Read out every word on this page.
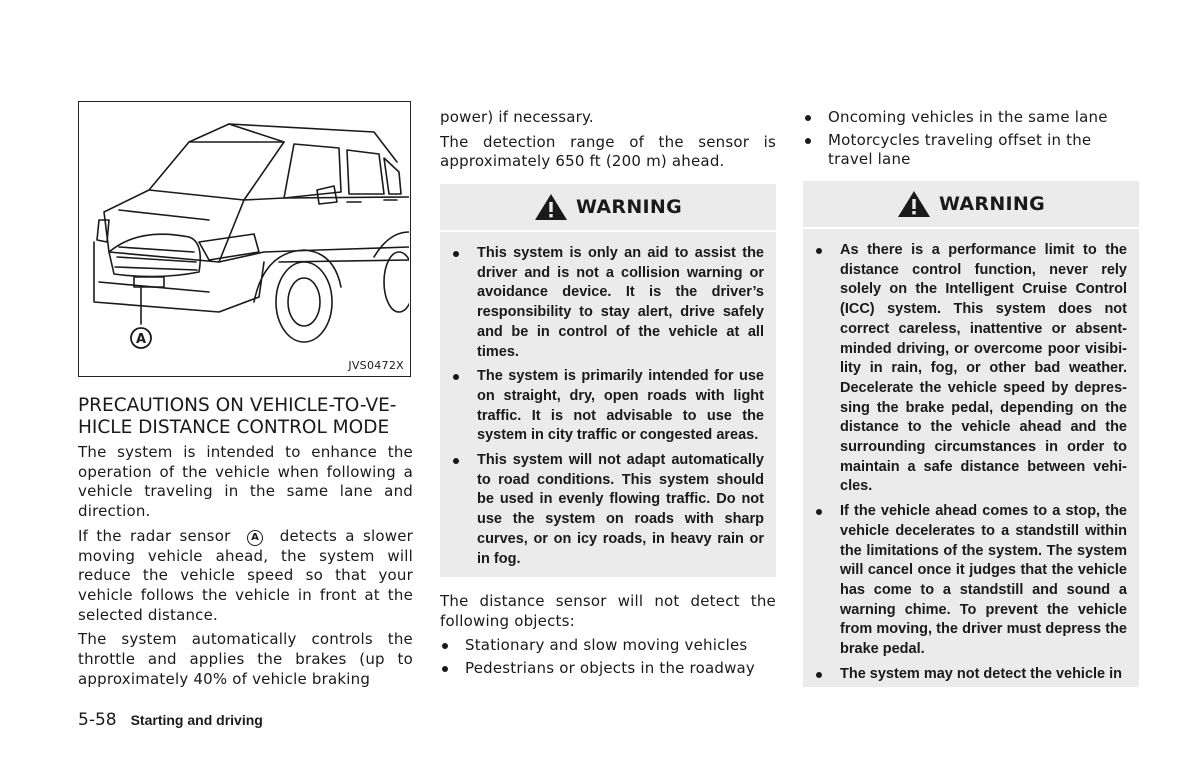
A
JVS0472X
PRECAUTIONS ON VEHICLE-TO-VE-HICLE DISTANCE CONTROL MODE

The system is intended to enhance the operation of the vehicle when following a vehicle traveling in the same lane and direction.

If the radar sensor A detects a slower moving vehicle ahead, the system will reduce the vehicle speed so that your vehicle follows the vehicle in front at the selected distance.

The system automatically controls the throttle and applies the brakes (up to approximately 40% of vehicle braking

power) if necessary.

The detection range of the sensor is approximately 650 ft (200 m) ahead.

WARNING
This system is only an aid to assist the driver and is not a collision warning or avoidance device. It is the driver’s responsibility to stay alert, drive safely and be in control of the vehicle at all times.
The system is primarily intended for use on straight, dry, open roads with light traffic. It is not advisable to use the system in city traffic or congested areas.
This system will not adapt automatically to road conditions. This system should be used in evenly flowing traffic. Do not use the system on roads with sharp curves, or on icy roads, in heavy rain or in fog.

The distance sensor will not detect the following objects:

Stationary and slow moving vehicles
Pedestrians or objects in the roadway
Oncoming vehicles in the same lane
Motorcycles traveling offset in the travel lane
WARNING
As there is a performance limit to the distance control function, never rely solely on the Intelligent Cruise Control (ICC) system. This system does not correct careless, inattentive or absent-minded driving, or overcome poor visibi-lity in rain, fog, or other bad weather. Decelerate the vehicle speed by depres-sing the brake pedal, depending on the distance to the vehicle ahead and the surrounding circumstances in order to maintain a safe distance between vehi-cles.
If the vehicle ahead comes to a stop, the vehicle decelerates to a standstill within the limitations of the system. The system will cancel once it judges that the vehicle has come to a standstill and sound a warning chime. To prevent the vehicle from moving, the driver must depress the brake pedal.
The system may not detect the vehicle in
5-58 Starting and driving
